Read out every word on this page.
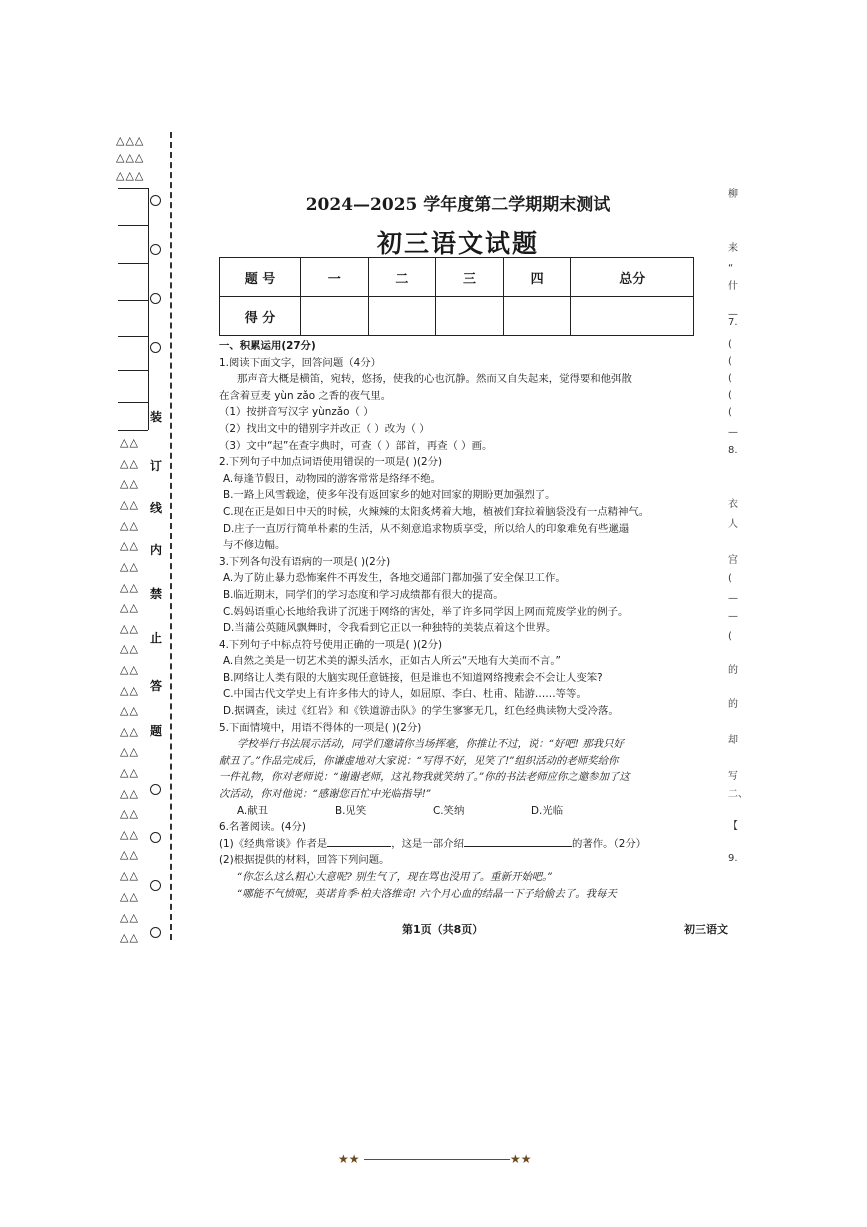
△△△
△△△
△△△
△△
△△
△△
△△
△△
△△
△△
△△
△△
△△
△△
△△
△△
△△
△△
△△
△△
△△
△△
△△
△△
△△
△△
△△
△△
装
订
线
内
禁
止
答
题
2024—2025 学年度第二学期期末测试
初三语文试题
题 号	一	二	三	四	总分
得 分					
一、积累运用(27分)
1.阅读下面文字，回答问题（4分）
那声音大概是横笛，宛转，悠扬，使我的心也沉静。然而又自失起来，觉得要和他弭散
在含着豆麦 yùn zǎo 之香的夜气里。
（1）按拼音写汉字 yùnzǎo（ ）
（2）找出文中的错别字并改正（ ）改为（ ）
（3）文中“起”在查字典时，可查（ ）部首，再查（ ）画。
2.下列句子中加点词语使用错误的一项是( )(2分)
A.每逢节假日，动物园的游客常常是络绎不绝。
B.一路上风雪载途，使多年没有返回家乡的她对回家的期盼更加强烈了。
C.现在正是如日中天的时候，火辣辣的太阳炙烤着大地，植被们耷拉着脑袋没有一点精神气。
D.庄子一直厉行简单朴素的生活，从不刻意追求物质享受，所以给人的印象难免有些邋遢
与不修边幅。
3.下列各句没有语病的一项是( )(2分)
A.为了防止暴力恐怖案件不再发生，各地交通部门都加强了安全保卫工作。
B.临近期末，同学们的学习态度和学习成绩都有很大的提高。
C.妈妈语重心长地给我讲了沉迷于网络的害处，举了许多同学因上网而荒废学业的例子。
D.当蒲公英随风飘舞时，令我看到它正以一种独特的美装点着这个世界。
4.下列句子中标点符号使用正确的一项是( )(2分)
A.自然之美是一切艺术美的源头活水，正如古人所云“天地有大美而不言。”
B.网络让人类有限的大脑实现任意链接，但是谁也不知道网络搜索会不会让人变笨?
C.中国古代文学史上有许多伟大的诗人，如屈原、李白、杜甫、陆游……等等。
D.据调查，读过《红岩》和《铁道游击队》的学生寥寥无几，红色经典读物大受冷落。
5.下面情境中，用语不得体的一项是( )(2分)
学校举行书法展示活动，同学们邀请你当场挥毫，你推让不过，说：“好吧! 那我只好
献丑了。”作品完成后，你谦虚地对大家说：“写得不好，见笑了!”组织活动的老师奖给你
一件礼物，你对老师说：“谢谢老师，这礼物我就笑纳了。”你的书法老师应你之邀参加了这
次活动，你对他说：“感谢您百忙中光临指导!”
A.献丑	B.见笑	C.笑纳	D.光临
6.名著阅读。(4分)
(1)《经典常谈》作者是	，这是一部介绍	的著作。（2分）
(2)根据提供的材料，回答下列问题。
“你怎么这么粗心大意呢? 别生气了，现在骂也没用了。重新开始吧。”
“哪能不气愤呢，英诺肯季·柏夫洛维奇! 六个月心血的结晶一下子给偷去了。我每天
第1页（共8页）	初三语文
柳
来
“
什
—
7.
(
(
(
(
(
—
8.
衣
人
宫
(
—
—
(
的
的
却
写
二、
【
9.
★★	★★
